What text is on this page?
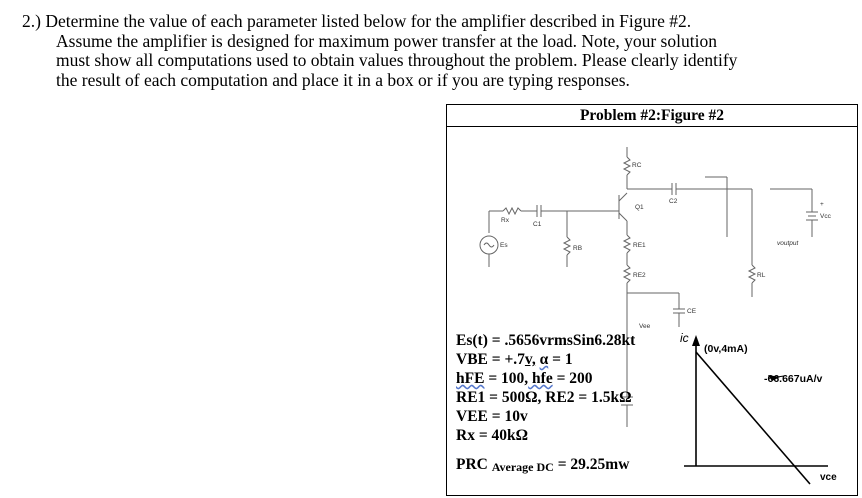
2.) Determine the value of each parameter listed below for the amplifier described in Figure #2.
Assume the amplifier is designed for maximum power transfer at the load. Note, your solution
must show all computations used to obtain values throughout the problem. Please clearly identify
the result of each computation and place it in a box or if you are typing responses.
Problem #2:Figure #2
RC
C2
Q1
Rx
C1
Vcc
+
RE1
Es	voutput
RB
RL
RE2
CE
Vee
Es(t) = .5656vrmsSin6.28kt
VBE = +.7v, α = 1
hFE = 100, hfe = 200
RE1 = 500Ω, RE2 = 1.5kΩ
VEE = 10v
Rx = 40kΩ
PRC Average DC = 29.25mw
ic
(0v,4mA)
-66.667uA/v
vce
